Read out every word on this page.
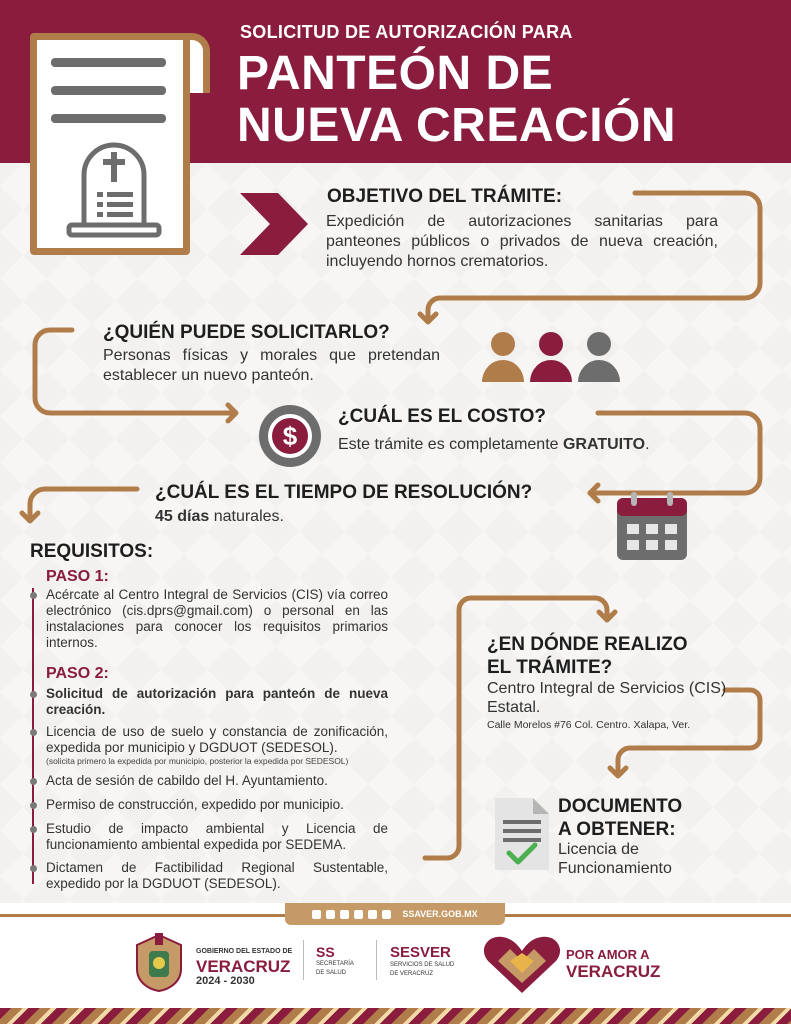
SOLICITUD DE AUTORIZACIÓN PARA
PANTEÓN DE
NUEVA CREACIÓN
OBJETIVO DEL TRÁMITE:
Expedición de autorizaciones sanitarias para panteones públicos o privados de nueva creación, incluyendo hornos crematorios.
¿QUIÉN PUEDE SOLICITARLO?
Personas físicas y morales que pretendan establecer un nuevo panteón.
$
¿CUÁL ES EL COSTO?
Este trámite es completamente GRATUITO.
¿CUÁL ES EL TIEMPO DE RESOLUCIÓN?
45 días naturales.
REQUISITOS:
PASO 1:
Acércate al Centro Integral de Servicios (CIS) vía correo electrónico (cis.dprs@gmail.com) o personal en las instalaciones para conocer los requisitos primarios internos.
PASO 2:
Solicitud de autorización para panteón de nueva creación.
Licencia de uso de suelo y constancia de zonificación, expedida por municipio y DGDUOT (SEDESOL).
(solicita primero la expedida por municipio, posterior la expedida por SEDESOL)
Acta de sesión de cabildo del H. Ayuntamiento.
Permiso de construcción, expedido por municipio.
Estudio de impacto ambiental y Licencia de funcionamiento ambiental expedida por SEDEMA.
Dictamen de Factibilidad Regional Sustentable, expedido por la DGDUOT (SEDESOL).
¿EN DÓNDE REALIZO
EL TRÁMITE?
Centro Integral de Servicios (CIS) Estatal.
Calle Morelos #76 Col. Centro. Xalapa, Ver.
DOCUMENTO
A OBTENER:
Licencia de Funcionamiento
SSAVER.GOB.MX
GOBIERNO DEL ESTADO DE
VERACRUZ
2024 - 2030
SS
SECRETARÍA
DE SALUD
SESVER
SERVICIOS DE SALUD
DE VERACRUZ
POR AMOR A
VERACRUZ
